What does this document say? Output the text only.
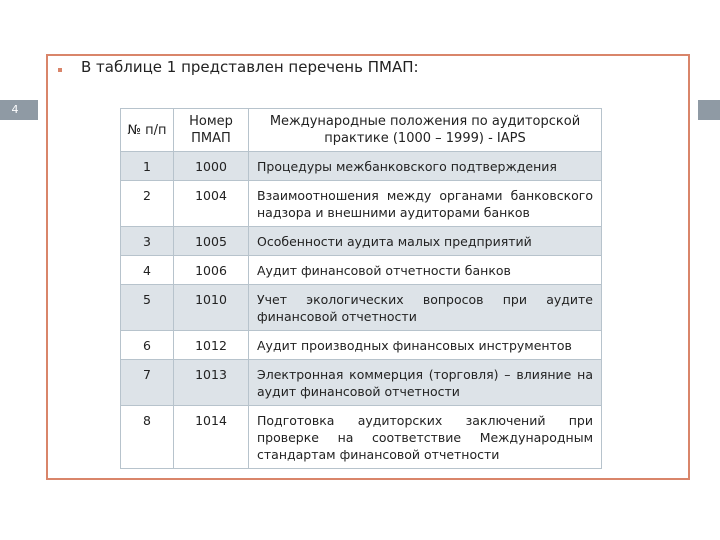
4
В таблице 1 представлен перечень ПМАП:
№ п/п	Номер ПМАП	Международные положения по аудиторской практике (1000 – 1999) - IAPS

1	1000	Процедуры межбанковского подтверждения

2	1004	Взаимоотношения между органами банковского надзора и внешними аудиторами банков

3	1005	Особенности аудита малых предприятий

4	1006	Аудит финансовой отчетности банков

5	1010	Учет экологических вопросов при аудите финансовой отчетности

6	1012	Аудит производных финансовых инструментов

7	1013	Электронная коммерция (торговля) – влияние на аудит финансовой отчетности

8	1014	Подготовка аудиторских заключений при проверке на соответствие Международным стандартам финансовой отчетности
